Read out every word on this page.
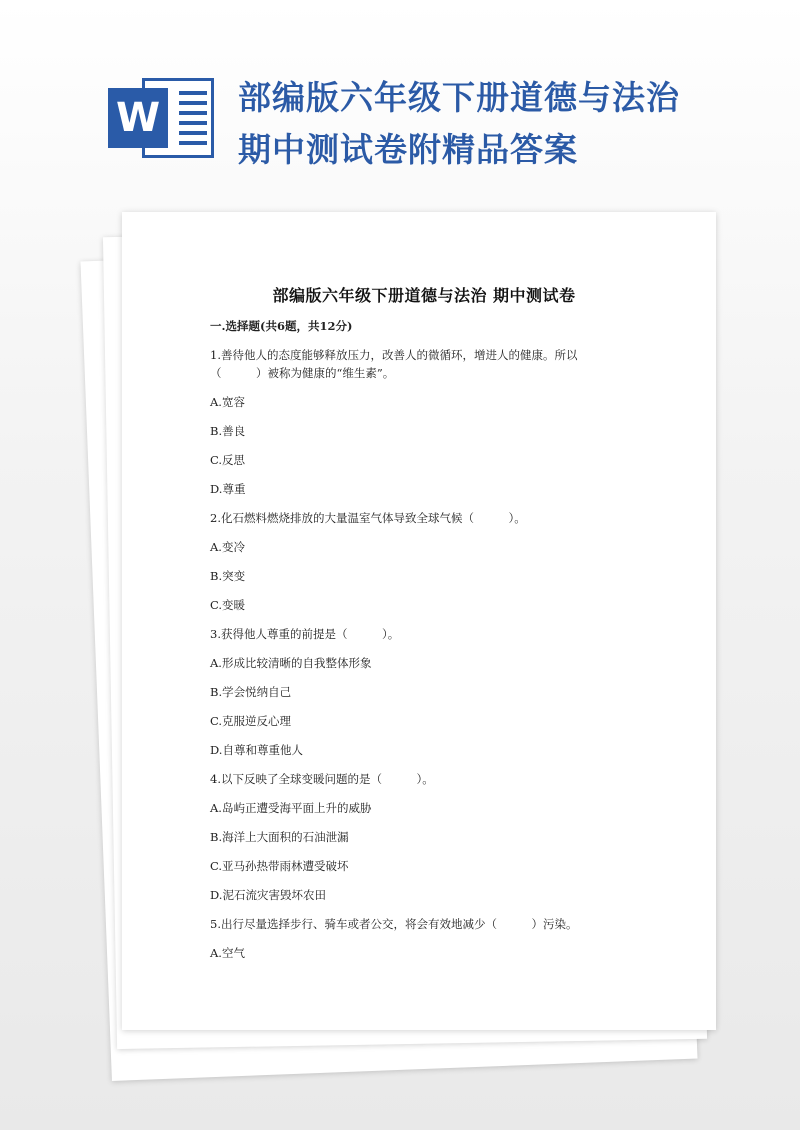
W 部编版六年级下册道德与法治
期中测试卷附精品答案
部编版六年级下册道德与法治 期中测试卷
一.选择题(共6题，共12分)
1.善待他人的态度能够释放压力，改善人的微循环，增进人的健康。所以（　　　）被称为健康的“维生素”。
A.宽容
B.善良
C.反思
D.尊重
2.化石燃料燃烧排放的大量温室气体导致全球气候（　　　）。
A.变冷
B.突变
C.变暖
3.获得他人尊重的前提是（　　　）。
A.形成比较清晰的自我整体形象
B.学会悦纳自己
C.克服逆反心理
D.自尊和尊重他人
4.以下反映了全球变暖问题的是（　　　）。
A.岛屿正遭受海平面上升的威胁
B.海洋上大面积的石油泄漏
C.亚马孙热带雨林遭受破坏
D.泥石流灾害毁坏农田
5.出行尽量选择步行、骑车或者公交，将会有效地减少（　　　）污染。
A.空气
